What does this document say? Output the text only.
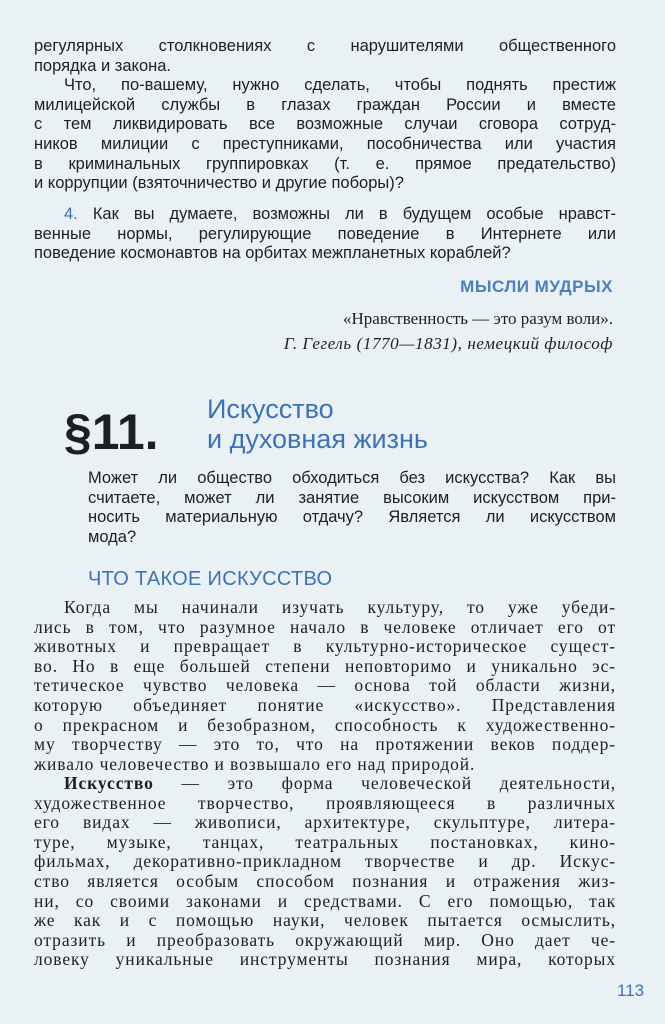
регулярных столкновениях с нарушителями общественного
порядка и закона.
Что, по-вашему, нужно сделать, чтобы поднять престиж
милицейской службы в глазах граждан России и вместе
с тем ликвидировать все возможные случаи сговора сотруд-
ников милиции с преступниками, пособничества или участия
в криминальных группировках (т. е. прямое предательство)
и коррупции (взяточничество и другие поборы)?
4. Как вы думаете, возможны ли в будущем особые нравст-
венные нормы, регулирующие поведение в Интернете или
поведение космонавтов на орбитах межпланетных кораблей?
МЫСЛИ МУДРЫХ
«Нравственность — это разум воли».
Г. Гегель (1770—1831), немецкий философ
§11. Искусство
и духовная жизнь
Может ли общество обходиться без искусства? Как вы
считаете, может ли занятие высоким искусством при-
носить материальную отдачу? Является ли искусством
мода?
ЧТО ТАКОЕ ИСКУССТВО
Когда мы начинали изучать культуру, то уже убеди-
лись в том, что разумное начало в человеке отличает его от
животных и превращает в культурно-историческое сущест-
во. Но в еще большей степени неповторимо и уникально эс-
тетическое чувство человека — основа той области жизни,
которую объединяет понятие «искусство». Представления
о прекрасном и безобразном, способность к художественно-
му творчеству — это то, что на протяжении веков поддер-
живало человечество и возвышало его над природой.
Искусство — это форма человеческой деятельности,
художественное творчество, проявляющееся в различных
его видах — живописи, архитектуре, скульптуре, литера-
туре, музыке, танцах, театральных постановках, кино-
фильмах, декоративно-прикладном творчестве и др. Искус-
ство является особым способом познания и отражения жиз-
ни, со своими законами и средствами. С его помощью, так
же как и с помощью науки, человек пытается осмыслить,
отразить и преобразовать окружающий мир. Оно дает че-
ловеку уникальные инструменты познания мира, которых
113
